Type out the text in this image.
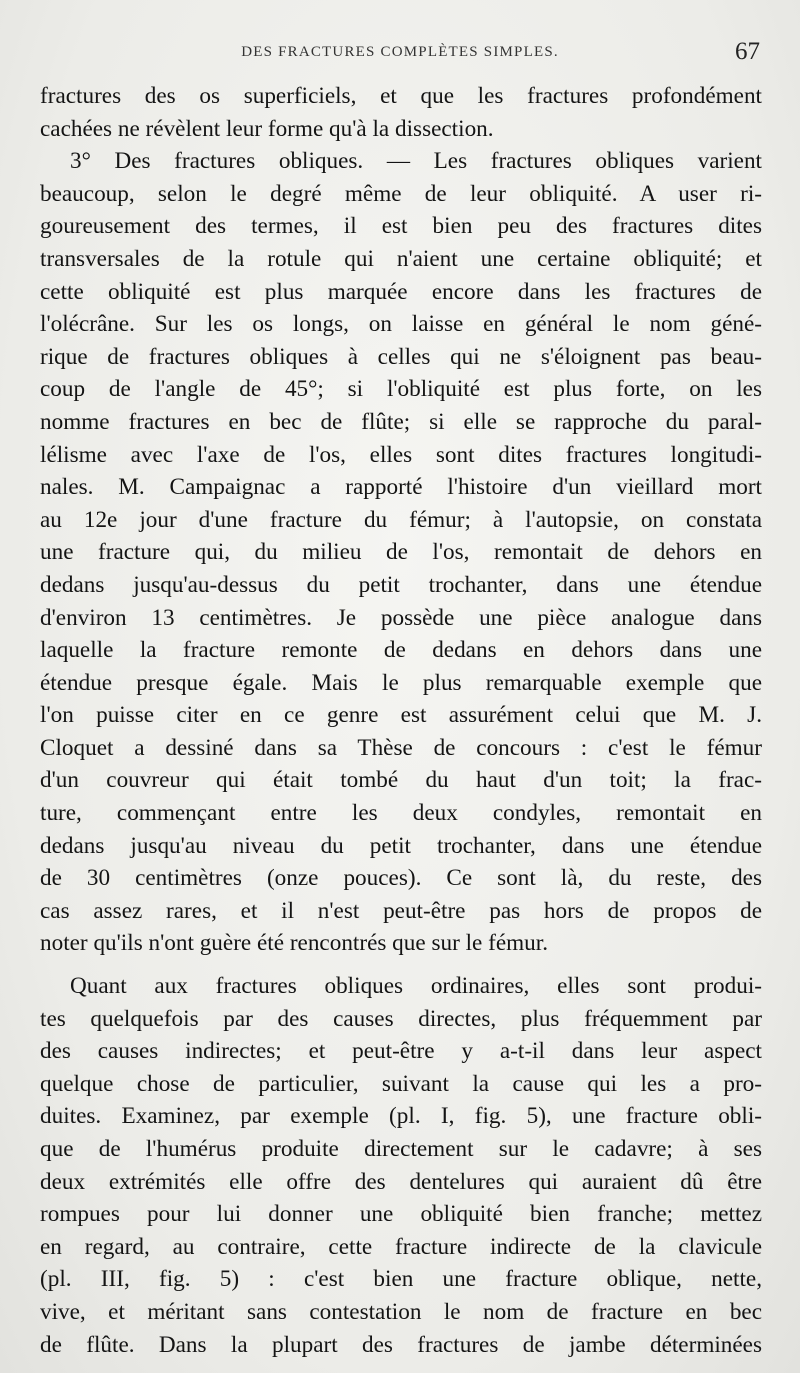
DES FRACTURES COMPLÈTES SIMPLES.	67
fractures des os superficiels, et que les fractures profondément
cachées ne révèlent leur forme qu'à la dissection.
3° Des fractures obliques. — Les fractures obliques varient
beaucoup, selon le degré même de leur obliquité. A user ri-
goureusement des termes, il est bien peu des fractures dites
transversales de la rotule qui n'aient une certaine obliquité; et
cette obliquité est plus marquée encore dans les fractures de
l'olécrâne. Sur les os longs, on laisse en général le nom géné-
rique de fractures obliques à celles qui ne s'éloignent pas beau-
coup de l'angle de 45°; si l'obliquité est plus forte, on les
nomme fractures en bec de flûte; si elle se rapproche du paral-
lélisme avec l'axe de l'os, elles sont dites fractures longitudi-
nales. M. Campaignac a rapporté l'histoire d'un vieillard mort
au 12e jour d'une fracture du fémur; à l'autopsie, on constata
une fracture qui, du milieu de l'os, remontait de dehors en
dedans jusqu'au-dessus du petit trochanter, dans une étendue
d'environ 13 centimètres. Je possède une pièce analogue dans
laquelle la fracture remonte de dedans en dehors dans une
étendue presque égale. Mais le plus remarquable exemple que
l'on puisse citer en ce genre est assurément celui que M. J.
Cloquet a dessiné dans sa Thèse de concours : c'est le fémur
d'un couvreur qui était tombé du haut d'un toit; la frac-
ture, commençant entre les deux condyles, remontait en
dedans jusqu'au niveau du petit trochanter, dans une étendue
de 30 centimètres (onze pouces). Ce sont là, du reste, des
cas assez rares, et il n'est peut-être pas hors de propos de
noter qu'ils n'ont guère été rencontrés que sur le fémur.
Quant aux fractures obliques ordinaires, elles sont produi-
tes quelquefois par des causes directes, plus fréquemment par
des causes indirectes; et peut-être y a-t-il dans leur aspect
quelque chose de particulier, suivant la cause qui les a pro-
duites. Examinez, par exemple (pl. I, fig. 5), une fracture obli-
que de l'humérus produite directement sur le cadavre; à ses
deux extrémités elle offre des dentelures qui auraient dû être
rompues pour lui donner une obliquité bien franche; mettez
en regard, au contraire, cette fracture indirecte de la clavicule
(pl. III, fig. 5) : c'est bien une fracture oblique, nette,
vive, et méritant sans contestation le nom de fracture en bec
de flûte. Dans la plupart des fractures de jambe déterminées
